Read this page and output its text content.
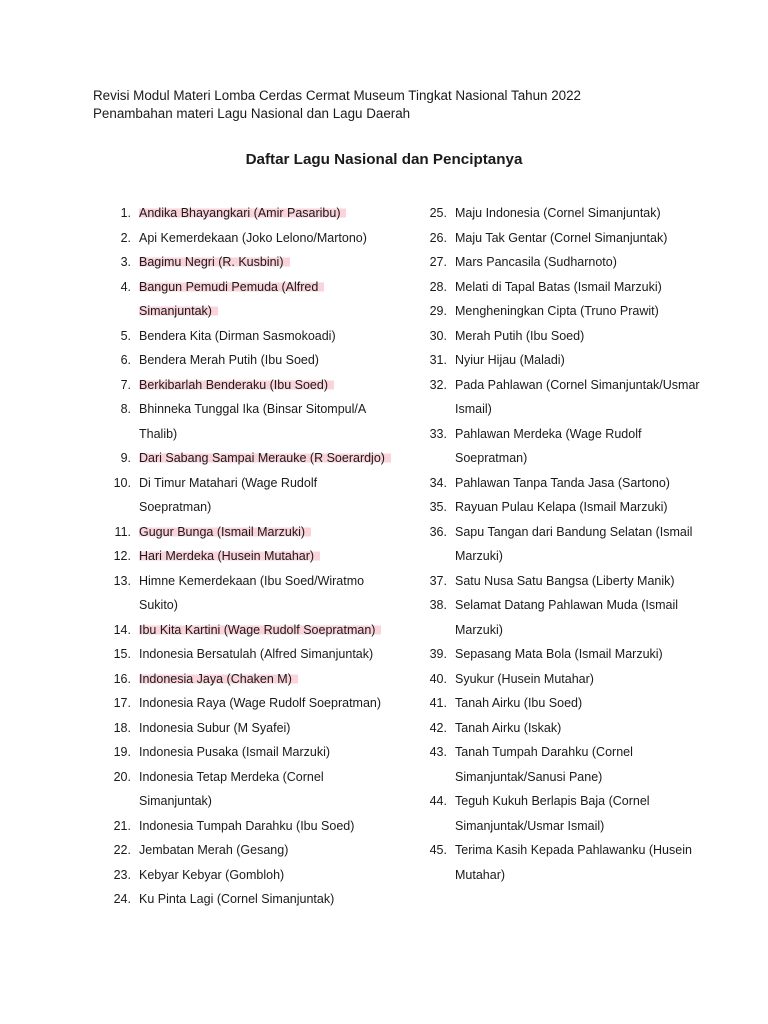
Revisi Modul Materi Lomba Cerdas Cermat Museum Tingkat Nasional Tahun 2022
Penambahan materi Lagu Nasional dan Lagu Daerah
Daftar Lagu Nasional dan Penciptanya
1. Andika Bhayangkari (Amir Pasaribu)
2. Api Kemerdekaan (Joko Lelono/Martono)
3. Bagimu Negri (R. Kusbini)
4. Bangun Pemudi Pemuda (Alfred Simanjuntak)
5. Bendera Kita (Dirman Sasmokoadi)
6. Bendera Merah Putih (Ibu Soed)
7. Berkibarlah Benderaku (Ibu Soed)
8. Bhinneka Tunggal Ika (Binsar Sitompul/A Thalib)
9. Dari Sabang Sampai Merauke (R Soerardjo)
10. Di Timur Matahari (Wage Rudolf Soepratman)
11. Gugur Bunga (Ismail Marzuki)
12. Hari Merdeka (Husein Mutahar)
13. Himne Kemerdekaan (Ibu Soed/Wiratmo Sukito)
14. Ibu Kita Kartini (Wage Rudolf Soepratman)
15. Indonesia Bersatulah (Alfred Simanjuntak)
16. Indonesia Jaya (Chaken M)
17. Indonesia Raya (Wage Rudolf Soepratman)
18. Indonesia Subur (M Syafei)
19. Indonesia Pusaka (Ismail Marzuki)
20. Indonesia Tetap Merdeka (Cornel Simanjuntak)
21. Indonesia Tumpah Darahku (Ibu Soed)
22. Jembatan Merah (Gesang)
23. Kebyar Kebyar (Gombloh)
24. Ku Pinta Lagi (Cornel Simanjuntak)
25. Maju Indonesia (Cornel Simanjuntak)
26. Maju Tak Gentar (Cornel Simanjuntak)
27. Mars Pancasila (Sudharnoto)
28. Melati di Tapal Batas (Ismail Marzuki)
29. Mengheningkan Cipta (Truno Prawit)
30. Merah Putih (Ibu Soed)
31. Nyiur Hijau (Maladi)
32. Pada Pahlawan (Cornel Simanjuntak/Usmar Ismail)
33. Pahlawan Merdeka (Wage Rudolf Soepratman)
34. Pahlawan Tanpa Tanda Jasa (Sartono)
35. Rayuan Pulau Kelapa (Ismail Marzuki)
36. Sapu Tangan dari Bandung Selatan (Ismail Marzuki)
37. Satu Nusa Satu Bangsa (Liberty Manik)
38. Selamat Datang Pahlawan Muda (Ismail Marzuki)
39. Sepasang Mata Bola (Ismail Marzuki)
40. Syukur (Husein Mutahar)
41. Tanah Airku (Ibu Soed)
42. Tanah Airku (Iskak)
43. Tanah Tumpah Darahku (Cornel Simanjuntak/Sanusi Pane)
44. Teguh Kukuh Berlapis Baja (Cornel Simanjuntak/Usmar Ismail)
45. Terima Kasih Kepada Pahlawanku (Husein Mutahar)
